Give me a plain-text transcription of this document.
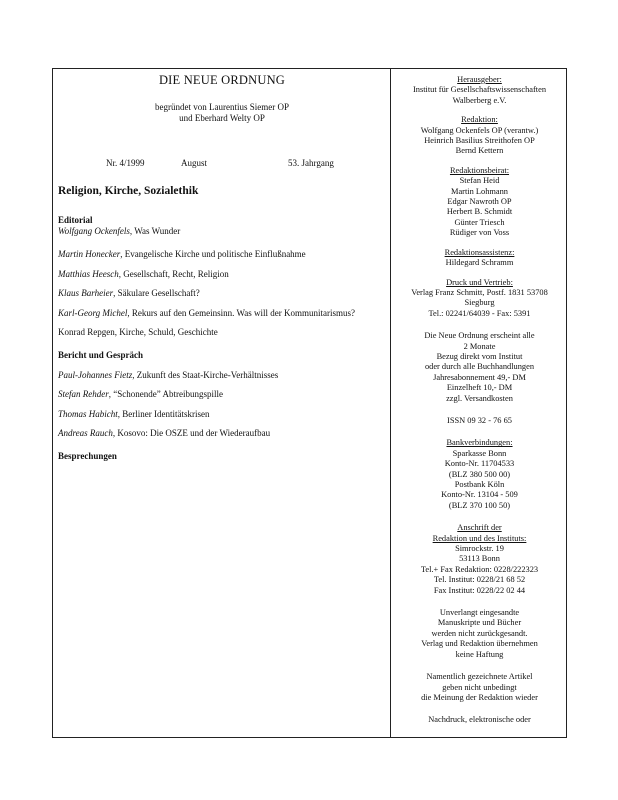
DIE NEUE ORDNUNG
begründet von Laurentius Siemer OP
und Eberhard Welty OP
Nr. 4/1999	August	53. Jahrgang
Religion, Kirche, Sozialethik

Editorial

Wolfgang Ockenfels, Was Wunder

Martin Honecker, Evangelische Kirche und politische Einflußnahme

Matthias Heesch, Gesellschaft, Recht, Religion

Klaus Barheier, Säkulare Gesellschaft?

Karl-Georg Michel, Rekurs auf den Gemeinsinn. Was will der Kommunitarismus?

Konrad Repgen, Kirche, Schuld, Geschichte

Bericht und Gespräch

Paul-Johannes Fietz, Zukunft des Staat-Kirche-Verhältnisses

Stefan Rehder, “Schonende” Abtreibungspille

Thomas Habicht, Berliner Identitätskrisen

Andreas Rauch, Kosovo: Die OSZE und der Wiederaufbau

Besprechungen

Herausgeber:
Institut für Gesellschaftswissenschaften
Walberberg e.V.
Redaktion:
Wolfgang Ockenfels OP (verantw.)
Heinrich Basilius Streithofen OP
Bernd Kettern
Redaktionsbeirat:
Stefan Heid
Martin Lohmann
Edgar Nawroth OP
Herbert B. Schmidt
Günter Triesch
Rüdiger von Voss
Redaktionsassistenz:
Hildegard Schramm
Druck und Vertrieb:
Verlag Franz Schmitt, Postf. 1831 53708
Siegburg
Tel.: 02241/64039 - Fax: 5391
Die Neue Ordnung erscheint alle
2 Monate
Bezug direkt vom Institut
oder durch alle Buchhandlungen
Jahresabonnement 49,- DM
Einzelheft 10,- DM
zzgl. Versandkosten
ISSN 09 32 - 76 65
Bankverbindungen:
Sparkasse Bonn
Konto-Nr. 11704533
(BLZ 380 500 00)
Postbank Köln
Konto-Nr. 13104 - 509
(BLZ 370 100 50)
Anschrift der
Redaktion und des Instituts:
Simrockstr. 19
53113 Bonn
Tel.+ Fax Redaktion: 0228/222323
Tel. Institut: 0228/21 68 52
Fax Institut: 0228/22 02 44
Unverlangt eingesandte
Manuskripte und Bücher
werden nicht zurückgesandt.
Verlag und Redaktion übernehmen
keine Haftung
Namentlich gezeichnete Artikel
geben nicht unbedingt
die Meinung der Redaktion wieder
Nachdruck, elektronische oder
